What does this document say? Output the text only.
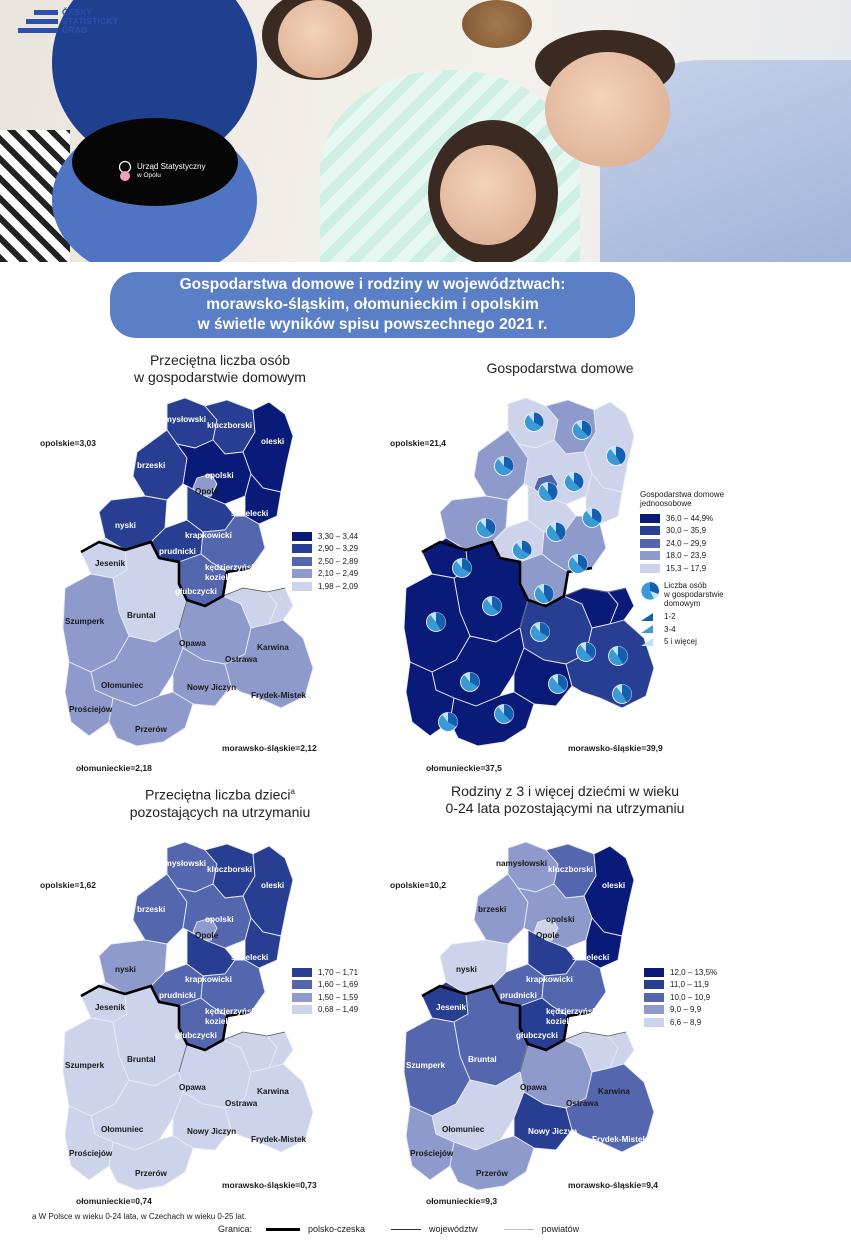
Urząd Statystyczny
w Opolu
ČESKÝ
STATISTICKÝ
ÚŘAD
Gospodarstwa domowe i rodziny w województwach:
morawsko-śląskim, ołomunieckim i opolskim
w świetle wyników spisu powszechnego 2021 r.
Przeciętna liczba osób
w gospodarstwie domowym
Gospodarstwa domowe
Przeciętna liczba dzieci$^a$
pozostających na utrzymaniu
Rodziny z 3 i więcej dziećmi w wieku
0-24 lata pozostającymi na utrzymaniu
namysłowski
kluczborski
oleski
brzeski
opolski
Opole
strzelecki
nyski
krapkowicki
prudnicki
kędzierzyńsko-
kozielski
głubczycki
Jesenik
Bruntal
Szumperk
Opawa
Ostrawa
Karwina
Ołomuniec	Nowy Jiczyn
Frydek-Mistek
Prościejów
Przerów
namysłowski
kluczborski
oleski
brzeski
opolski
Opole
strzelecki
nyski
krapkowicki
prudnicki
kędzierzyńsko-
kozielski
głubczycki
Jesenik
Bruntal
Szumperk
Opawa
Ostrawa
Karwina
Ołomuniec	Nowy Jiczyn
Frydek-Mistek
Prościejów
Przerów
namysłowski
kluczborski
oleski
brzeski
opolski
Opole
strzelecki
nyski
krapkowicki
prudnicki
kędzierzyńsko-
kozielski
głubczycki
Jesenik
Bruntal
Szumperk
Opawa
Ostrawa
Karwina
Ołomuniec	Nowy Jiczyn
Frydek-Mistek
Prościejów
Przerów
opolskie=3,03
morawsko-śląskie=2,12
ołomunieckie=2,18
opolskie=21,4
morawsko-śląskie=39,9
ołomunieckie=37,5
opolskie=1,62
morawsko-śląskie=0,73
ołomunieckie=0,74
opolskie=10,2
morawsko-śląskie=9,4
ołomunieckie=9,3
3,30 – 3,44
2,90 – 3,29
2,50 – 2,89
2,10 – 2,49
1,98 – 2,09
Gospodarstwa domowe
jednoosobowe
36,0 – 44,9%
30,0 – 35,9
24,0 – 29,9
18,0 – 23,9
15,3 – 17,9
Liczba osób
w gospodarstwie
domowym
1-2
3-4
5 i więcej
1,70 – 1,71
1,60 – 1,69
1,50 – 1,59
0,68 – 1,49
12,0 – 13,5%
11,0 – 11,9
10,0 – 10,9
9,0 – 9,9
6,6 – 8,9
a W Polsce w wieku 0-24 lata, w Czechach w wieku 0-25 lat.
Granica:	polsko-czeska	województw	powiatów
